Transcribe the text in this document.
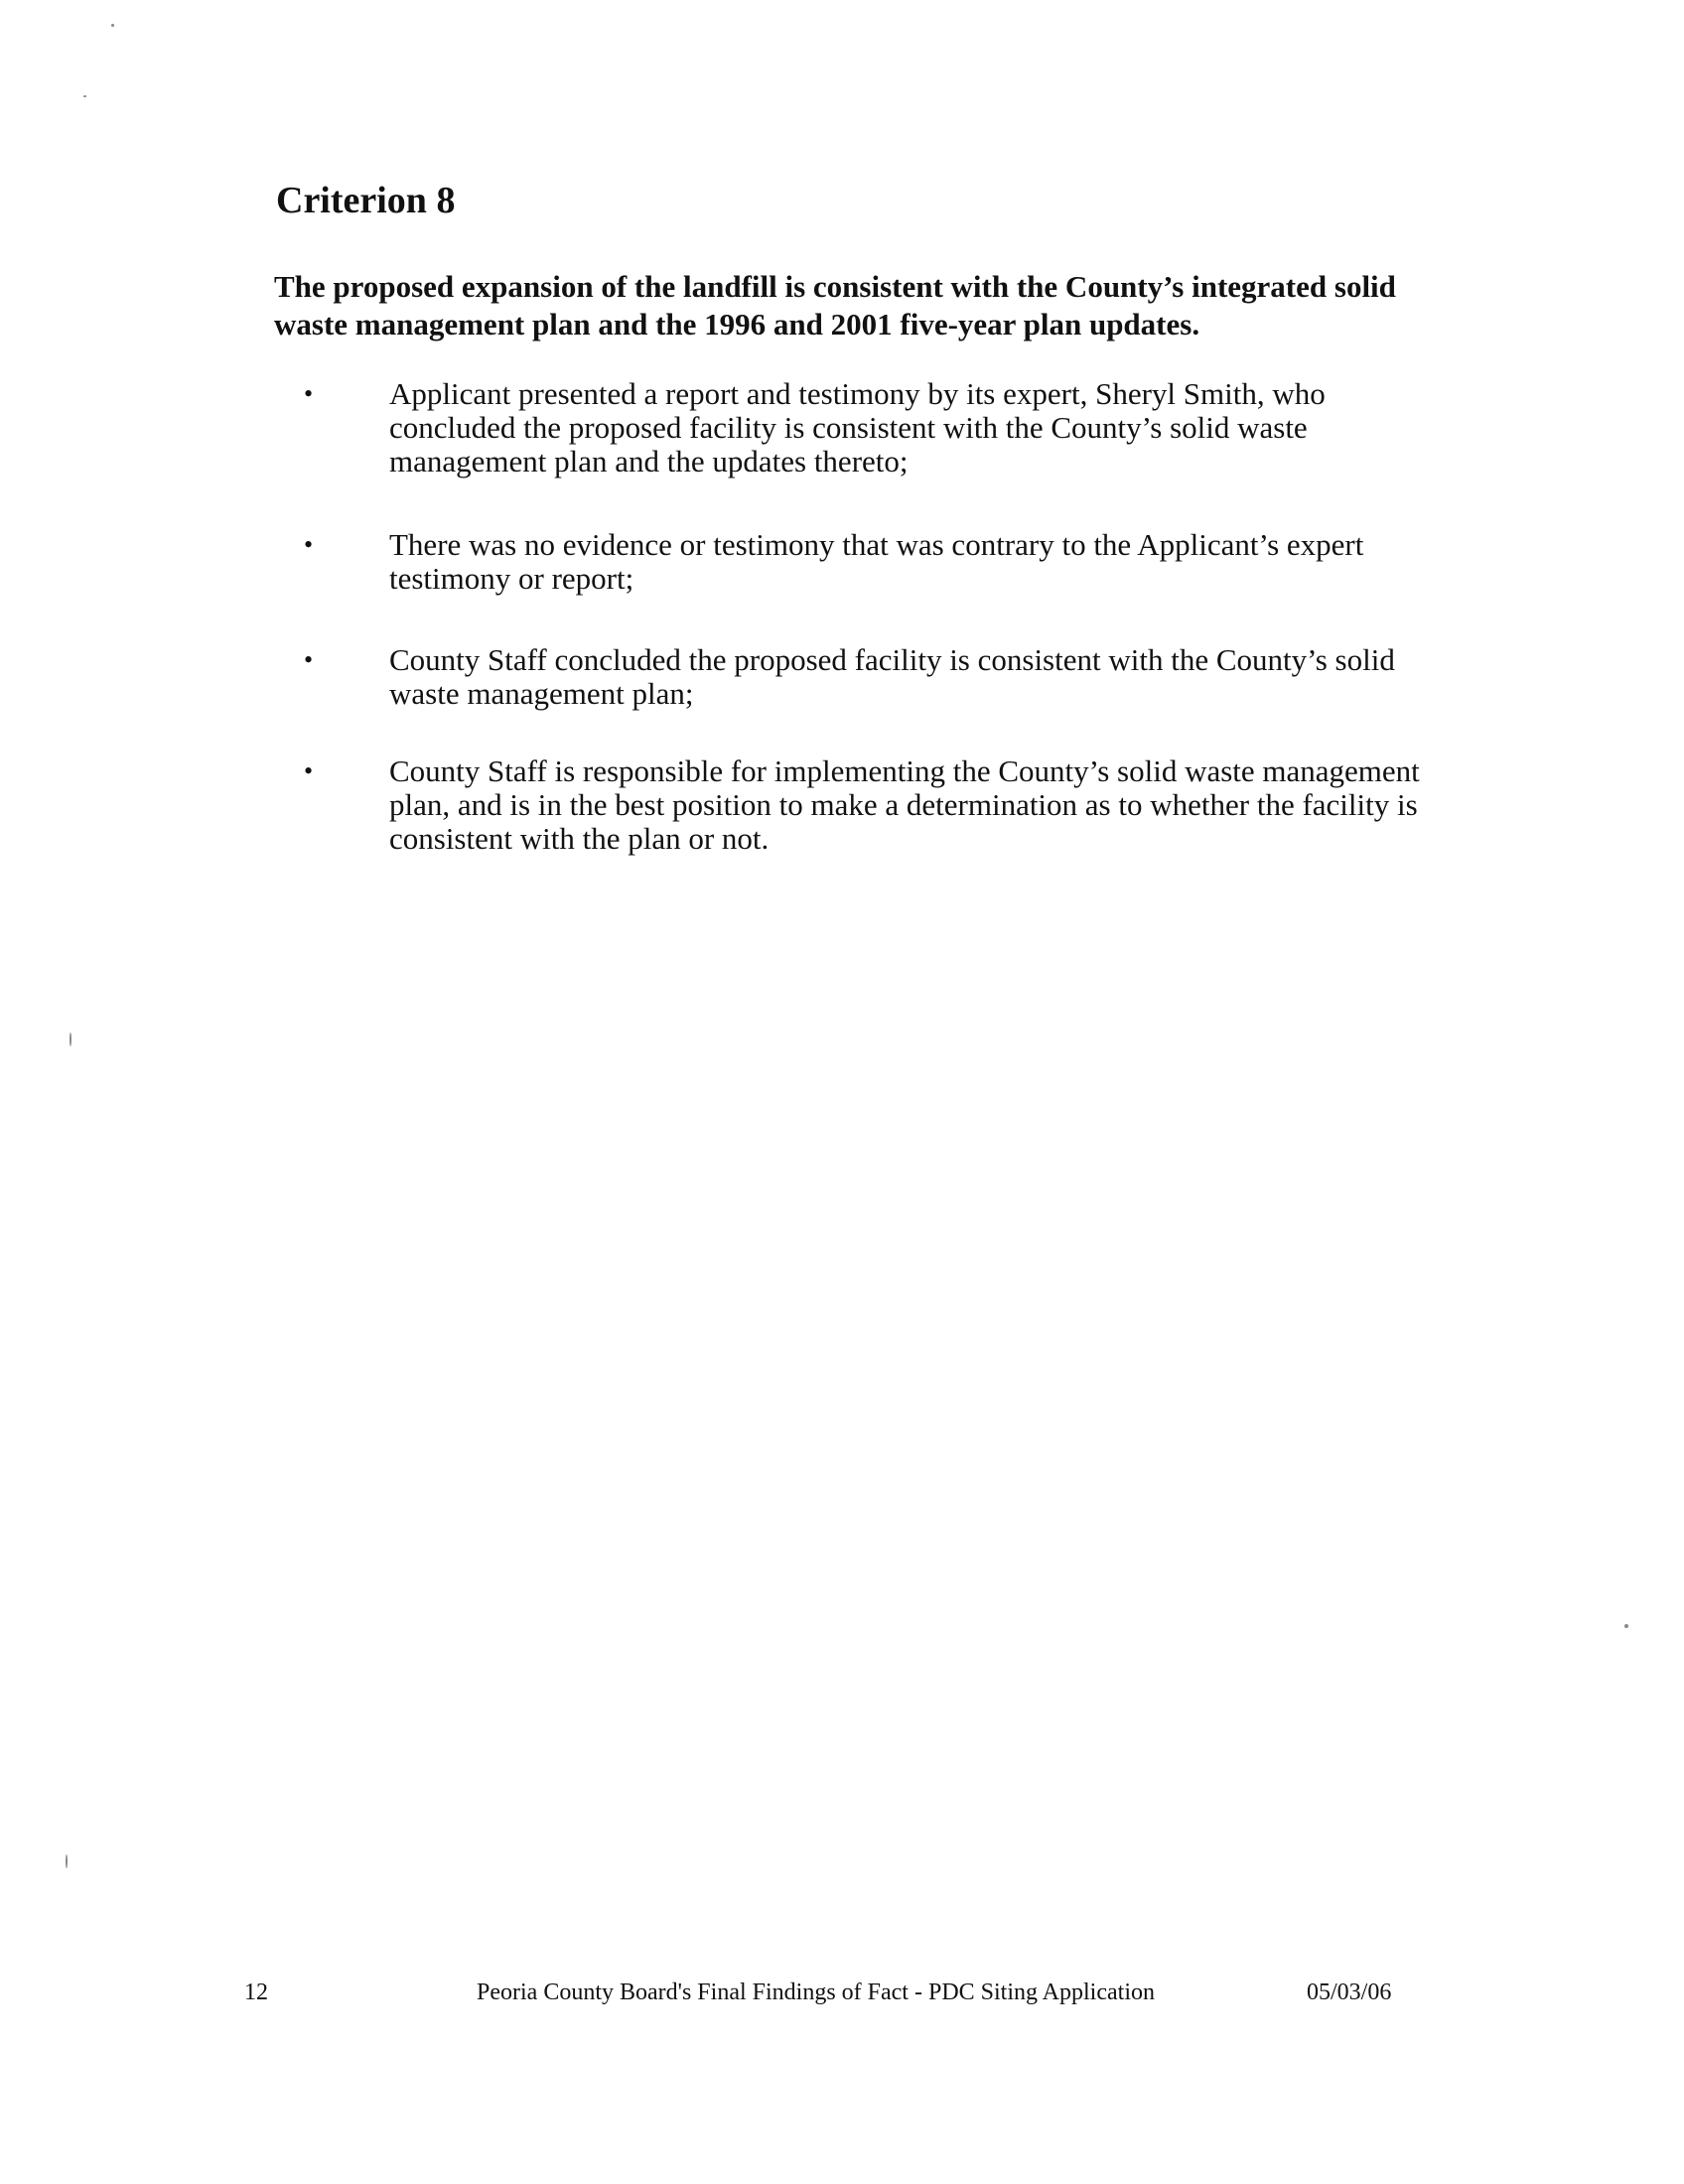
Criterion 8

The proposed expansion of the landfill is consistent with the County’s integrated solid waste management plan and the 1996 and 2001 five-year plan updates.

• Applicant presented a report and testimony by its expert, Sheryl Smith, who concluded the proposed facility is consistent with the County’s solid waste management plan and the updates thereto;
• There was no evidence or testimony that was contrary to the Applicant’s expert testimony or report;
• County Staff concluded the proposed facility is consistent with the County’s solid waste management plan;
• County Staff is responsible for implementing the County’s solid waste management plan, and is in the best position to make a determination as to whether the facility is consistent with the plan or not.
12	Peoria County Board's Final Findings of Fact - PDC Siting Application	05/03/06
